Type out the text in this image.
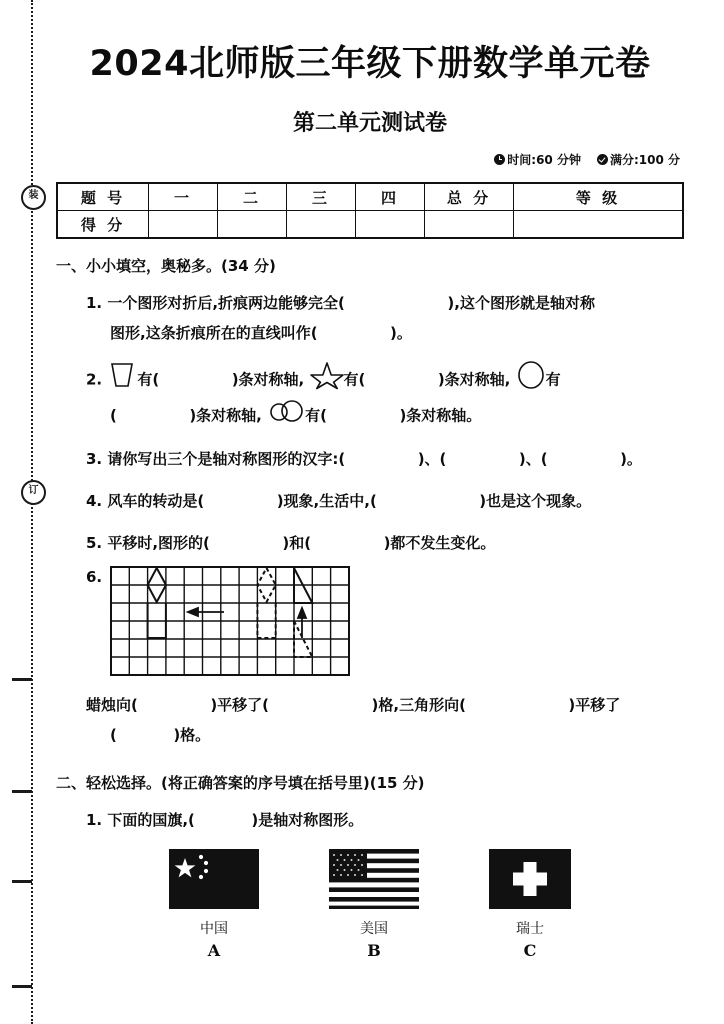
装
订
2024北师版三年级下册数学单元卷
第二单元测试卷
时间:60 分钟 满分:100 分
题 号	一	二	三	四	总 分	等 级
得 分						
一、小小填空，奥秘多。(34 分)
1. 一个图形对折后,折痕两边能够完全(	),这个图形就是轴对称
图形,这条折痕所在的直线叫作(	)。
2. 有(	)条对称轴,	有(	)条对称轴, 有
(	)条对称轴,	有(	)条对称轴。
3. 请你写出三个是轴对称图形的汉字:(	)、(	)、(	)。
4. 风车的转动是(	)现象,生活中,(	)也是这个现象。
5. 平移时,图形的(	)和(	)都不发生变化。
6.
蜡烛向(	)平移了(	)格,三角形向(	)平移了
(	)格。
二、轻松选择。(将正确答案的序号填在括号里)(15 分)
1. 下面的国旗,(	)是轴对称图形。
中国
A
美国
B
瑞士
C
